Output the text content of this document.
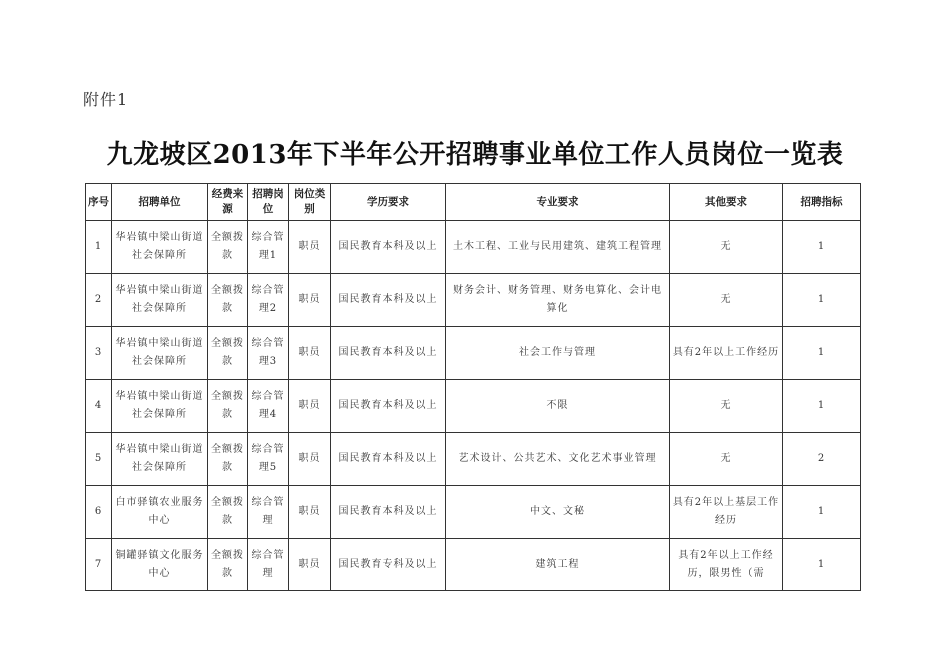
附件1
九龙坡区2013年下半年公开招聘事业单位工作人员岗位一览表
序号	招聘单位	经费来源	招聘岗位	岗位类别	学历要求	专业要求	其他要求	招聘指标
1	华岩镇中梁山街道社会保障所	全额拨款	综合管理1	职员	国民教育本科及以上	土木工程、工业与民用建筑、建筑工程管理	无	1
2	华岩镇中梁山街道社会保障所	全额拨款	综合管理2	职员	国民教育本科及以上	财务会计、财务管理、财务电算化、会计电算化	无	1
3	华岩镇中梁山街道社会保障所	全额拨款	综合管理3	职员	国民教育本科及以上	社会工作与管理	具有2年以上工作经历	1
4	华岩镇中梁山街道社会保障所	全额拨款	综合管理4	职员	国民教育本科及以上	不限	无	1
5	华岩镇中梁山街道社会保障所	全额拨款	综合管理5	职员	国民教育本科及以上	艺术设计、公共艺术、文化艺术事业管理	无	2
6	白市驿镇农业服务中心	全额拨款	综合管理	职员	国民教育本科及以上	中文、文秘	具有2年以上基层工作经历	1
7	铜罐驿镇文化服务中心	全额拨款	综合管理	职员	国民教育专科及以上	建筑工程	具有2年以上工作经历，限男性（需	1
